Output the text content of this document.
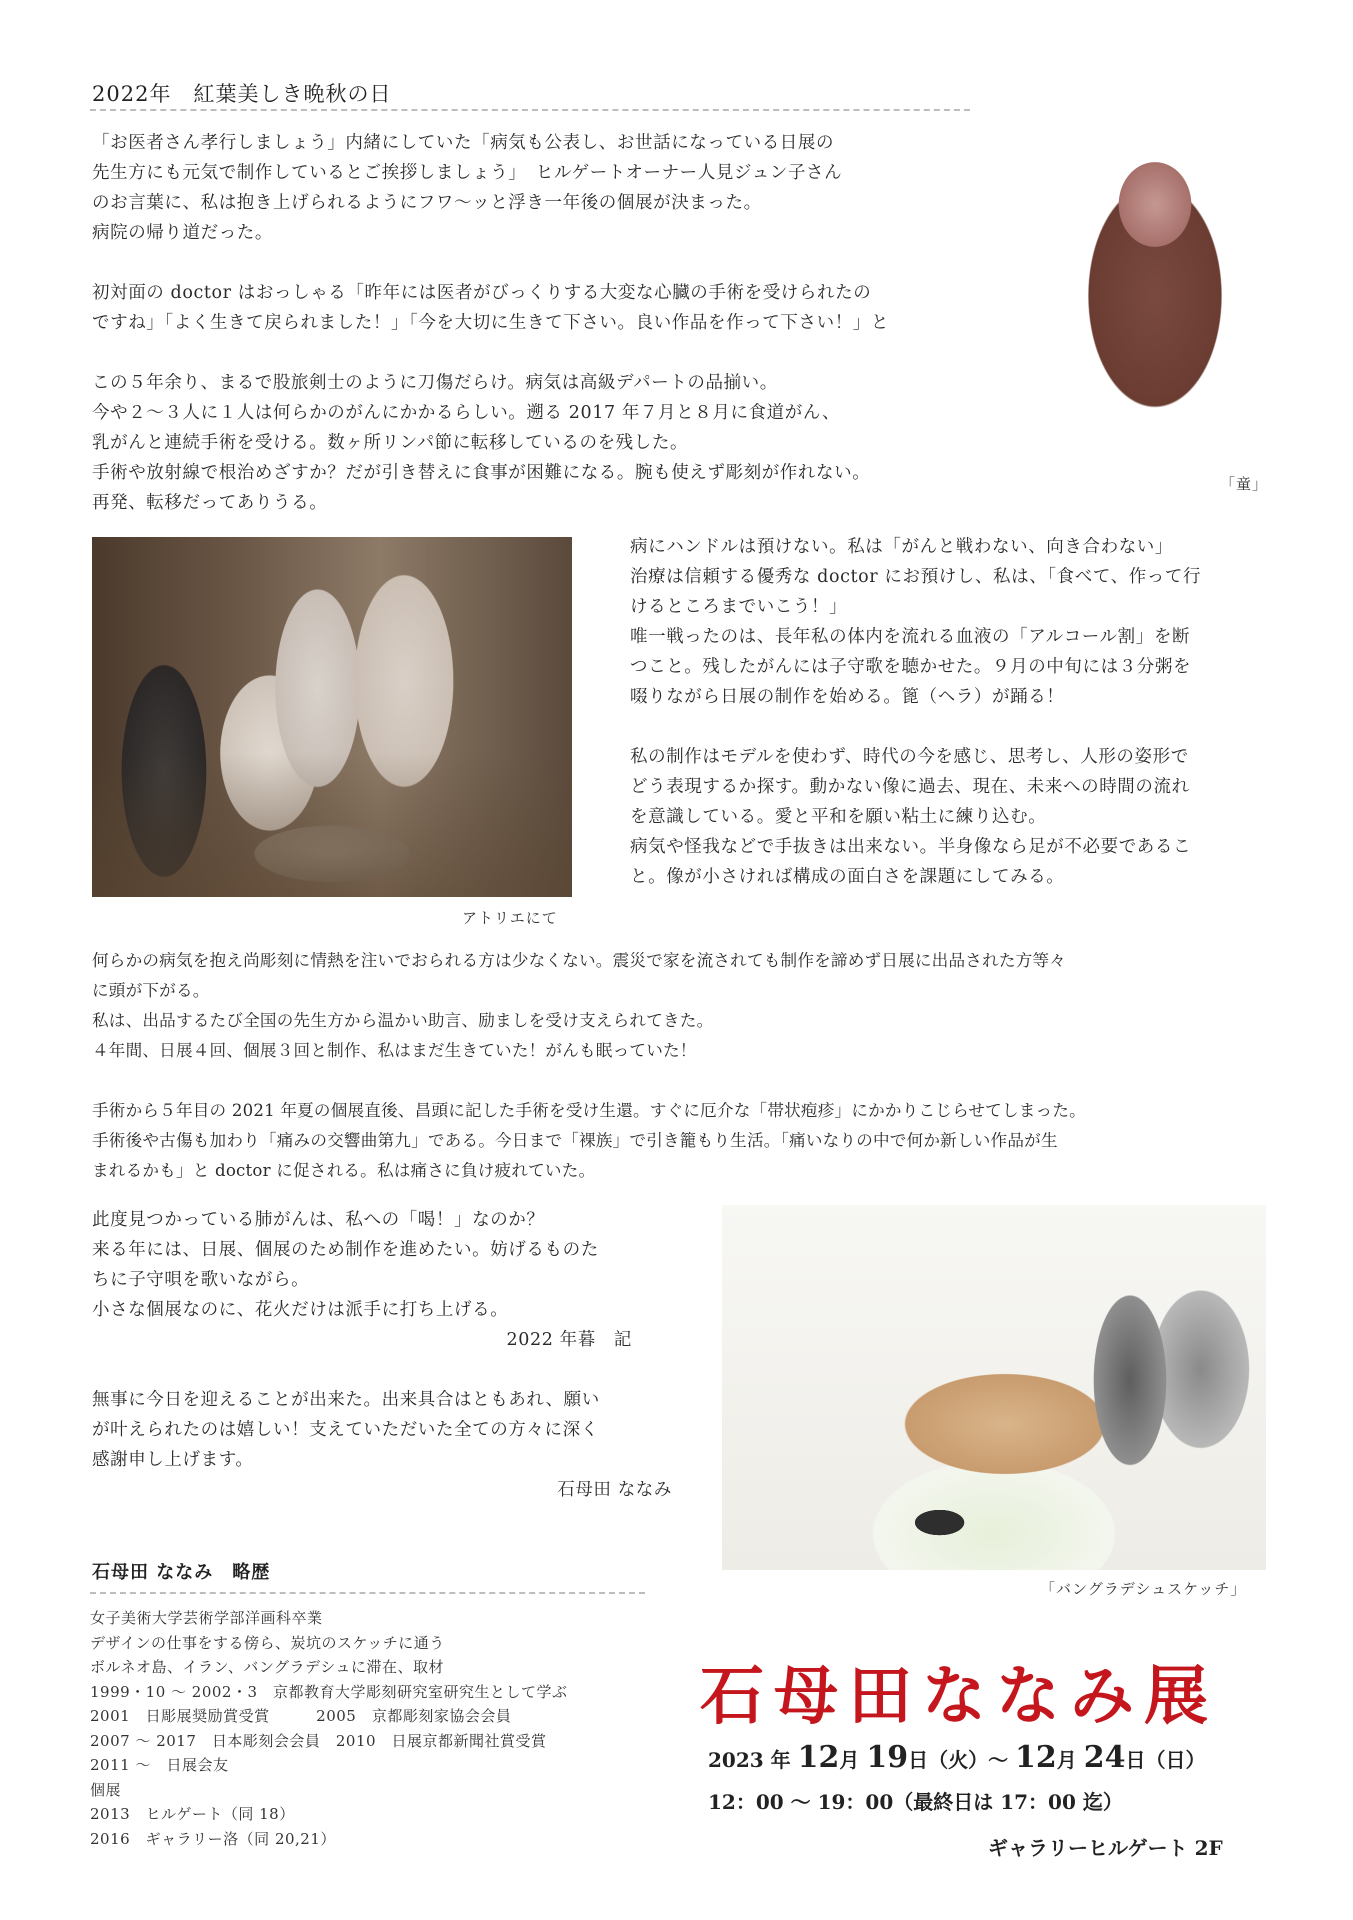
2022年　紅葉美しき晩秋の日

「お医者さん孝行しましょう」内緒にしていた「病気も公表し、お世話になっている日展の

先生方にも元気で制作しているとご挨拶しましょう」　ヒルゲートオーナー人見ジュン子さん

のお言葉に、私は抱き上げられるようにフワ〜ッと浮き一年後の個展が決まった。

病院の帰り道だった。

初対面の doctor はおっしゃる「昨年には医者がびっくりする大変な心臓の手術を受けられたの

ですね」「よく生きて戻られました！」「今を大切に生きて下さい。良い作品を作って下さい！」と

この５年余り、まるで股旅剣士のように刀傷だらけ。病気は高級デパートの品揃い。

今や２〜３人に１人は何らかのがんにかかるらしい。遡る 2017 年７月と８月に食道がん、

乳がんと連続手術を受ける。数ヶ所リンパ節に転移しているのを残した。

手術や放射線で根治めざすか？だが引き替えに食事が困難になる。腕も使えず彫刻が作れない。

再発、転移だってありうる。

「童」
アトリエにて

病にハンドルは預けない。私は「がんと戦わない、向き合わない」

治療は信頼する優秀な doctor にお預けし、私は、「食べて、作って行

けるところまでいこう！」

唯一戦ったのは、長年私の体内を流れる血液の「アルコール割」を断

つこと。残したがんには子守歌を聴かせた。９月の中旬には３分粥を

啜りながら日展の制作を始める。篦（ヘラ）が踊る！

私の制作はモデルを使わず、時代の今を感じ、思考し、人形の姿形で

どう表現するか探す。動かない像に過去、現在、未来への時間の流れ

を意識している。愛と平和を願い粘土に練り込む。

病気や怪我などで手抜きは出来ない。半身像なら足が不必要であるこ

と。像が小さければ構成の面白さを課題にしてみる。

何らかの病気を抱え尚彫刻に情熱を注いでおられる方は少なくない。震災で家を流されても制作を諦めず日展に出品された方等々

に頭が下がる。

私は、出品するたび全国の先生方から温かい助言、励ましを受け支えられてきた。

４年間、日展４回、個展３回と制作、私はまだ生きていた！がんも眠っていた！

手術から５年目の 2021 年夏の個展直後、昌頭に記した手術を受け生還。すぐに厄介な「帯状疱疹」にかかりこじらせてしまった。

手術後や古傷も加わり「痛みの交響曲第九」である。今日まで「裸族」で引き籠もり生活。「痛いなりの中で何か新しい作品が生

まれるかも」と doctor に促される。私は痛さに負け疲れていた。

此度見つかっている肺がんは、私への「喝！」なのか？

来る年には、日展、個展のため制作を進めたい。妨げるものた

ちに子守唄を歌いながら。

小さな個展なのに、花火だけは派手に打ち上げる。

2022 年暮　記

無事に今日を迎えることが出来た。出来具合はともあれ、願い

が叶えられたのは嬉しい！支えていただいた全ての方々に深く

感謝申し上げます。

石母田 ななみ

「バングラデシュスケッチ」
石母田 ななみ　略歴
女子美術大学芸術学部洋画科卒業
デザインの仕事をする傍ら、炭坑のスケッチに通う
ボルネオ島、イラン、バングラデシュに滞在、取材
1999・10 〜 2002・3　京都教育大学彫刻研究室研究生として学ぶ
2001　日彫展奨励賞受賞　　　2005　京都彫刻家協会会員
2007 〜 2017　日本彫刻会会員　2010　日展京都新聞社賞受賞
2011 〜　日展会友
個展
2013　ヒルゲート（同 18）
2016　ギャラリー洛（同 20,21）
石母田ななみ展
2023 年 12月 19日（火）〜 12月 24日（日）
12：00 〜 19：00（最終日は 17：00 迄）
ギャラリーヒルゲート 2F
